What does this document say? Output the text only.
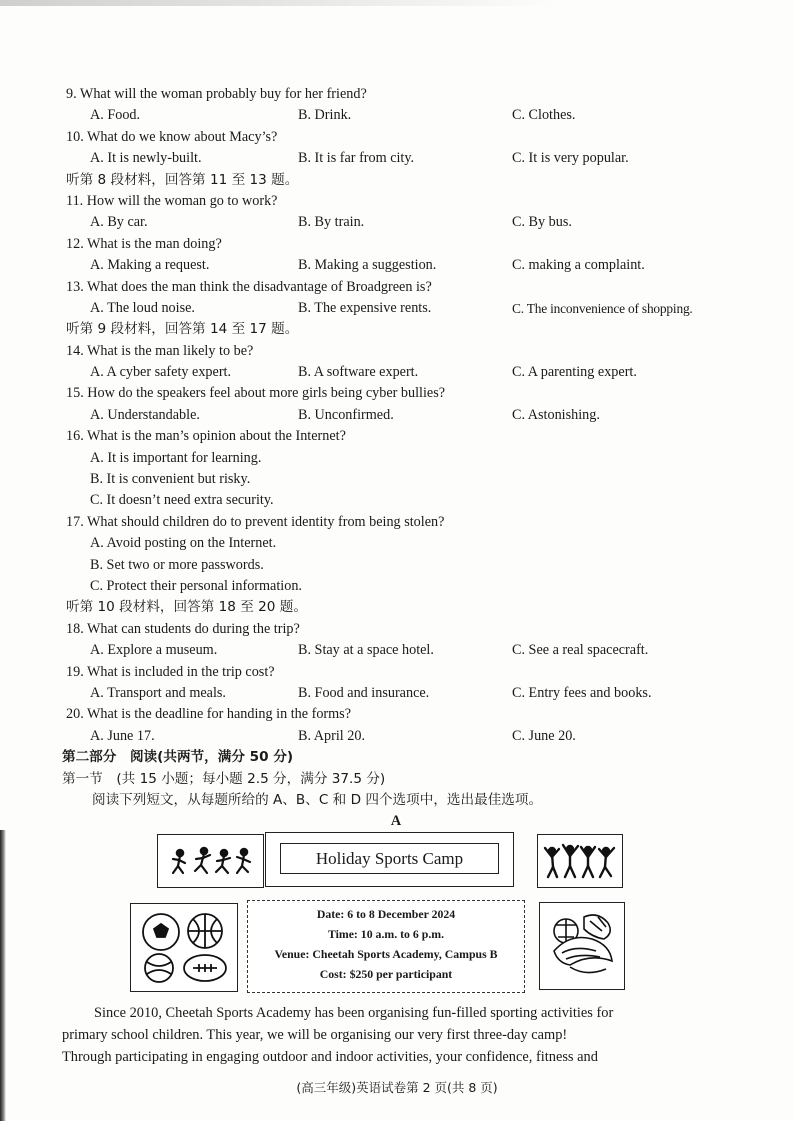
9. What will the woman probably buy for her friend?
A. Food.	B. Drink.	C. Clothes.
10. What do we know about Macy’s?
A. It is newly-built.	B. It is far from city.	C. It is very popular.
听第 8 段材料，回答第 11 至 13 题。
11. How will the woman go to work?
A. By car.	B. By train.	C. By bus.
12. What is the man doing?
A. Making a request.	B. Making a suggestion.	C. making a complaint.
13. What does the man think the disadvantage of Broadgreen is?
A. The loud noise.	B. The expensive rents.	C. The inconvenience of shopping.
听第 9 段材料，回答第 14 至 17 题。
14. What is the man likely to be?
A. A cyber safety expert.	B. A software expert.	C. A parenting expert.
15. How do the speakers feel about more girls being cyber bullies?
A. Understandable.	B. Unconfirmed.	C. Astonishing.
16. What is the man’s opinion about the Internet?
A. It is important for learning.
B. It is convenient but risky.
C. It doesn’t need extra security.
17. What should children do to prevent identity from being stolen?
A. Avoid posting on the Internet.
B. Set two or more passwords.
C. Protect their personal information.
听第 10 段材料，回答第 18 至 20 题。
18. What can students do during the trip?
A. Explore a museum.	B. Stay at a space hotel.	C. See a real spacecraft.
19. What is included in the trip cost?
A. Transport and meals.	B. Food and insurance.	C. Entry fees and books.
20. What is the deadline for handing in the forms?
A. June 17.	B. April 20.	C. June 20.
第二部分　阅读(共两节，满分 50 分)
第一节　(共 15 小题；每小题 2.5 分，满分 37.5 分)
阅读下列短文，从每题所给的 A、B、C 和 D 四个选项中，选出最佳选项。
A
Holiday Sports Camp
Date: 6 to 8 December 2024
Time: 10 a.m. to 6 p.m.
Venue: Cheetah Sports Academy, Campus B
Cost: $250 per participant
Since 2010, Cheetah Sports Academy has been organising fun-filled sporting activities for
primary school children. This year, we will be organising our very first three-day camp!
Through participating in engaging outdoor and indoor activities, your confidence, fitness and
(高三年级)英语试卷第 2 页(共 8 页)
